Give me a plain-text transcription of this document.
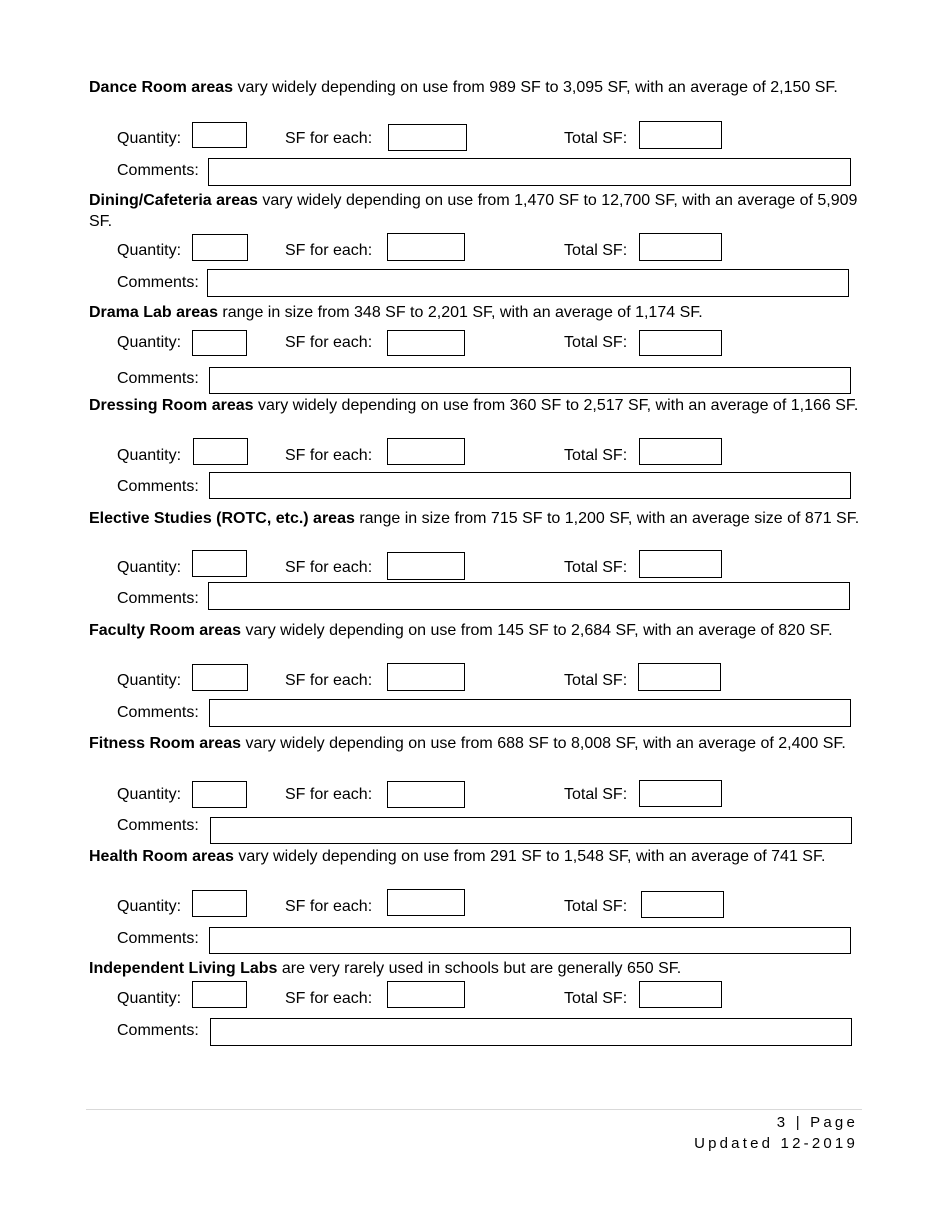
Dance Room areas vary widely depending on use from 989 SF to 3,095 SF, with an average of 2,150 SF.

Quantity:	SF for each:	Total SF:
Comments:

Dining/Cafeteria areas vary widely depending on use from 1,470 SF to 12,700 SF, with an average of 5,909 SF.

Quantity:	SF for each:	Total SF:
Comments:

Drama Lab areas range in size from 348 SF to 2,201 SF, with an average of 1,174 SF.

Quantity:	SF for each:	Total SF:
Comments:

Dressing Room areas vary widely depending on use from 360 SF to 2,517 SF, with an average of 1,166 SF.

Quantity:	SF for each:	Total SF:
Comments:

Elective Studies (ROTC, etc.) areas range in size from 715 SF to 1,200 SF, with an average size of 871 SF.

Quantity:	SF for each:	Total SF:
Comments:

Faculty Room areas vary widely depending on use from 145 SF to 2,684 SF, with an average of 820 SF.

Quantity:	SF for each:	Total SF:
Comments:

Fitness Room areas vary widely depending on use from 688 SF to 8,008 SF, with an average of 2,400 SF.

Quantity:	SF for each:	Total SF:
Comments:

Health Room areas vary widely depending on use from 291 SF to 1,548 SF, with an average of 741 SF.

Quantity:	SF for each:	Total SF:
Comments:

Independent Living Labs are very rarely used in schools but are generally 650 SF.

Quantity:	SF for each:	Total SF:
Comments:
3 | Page
Updated 12-2019
